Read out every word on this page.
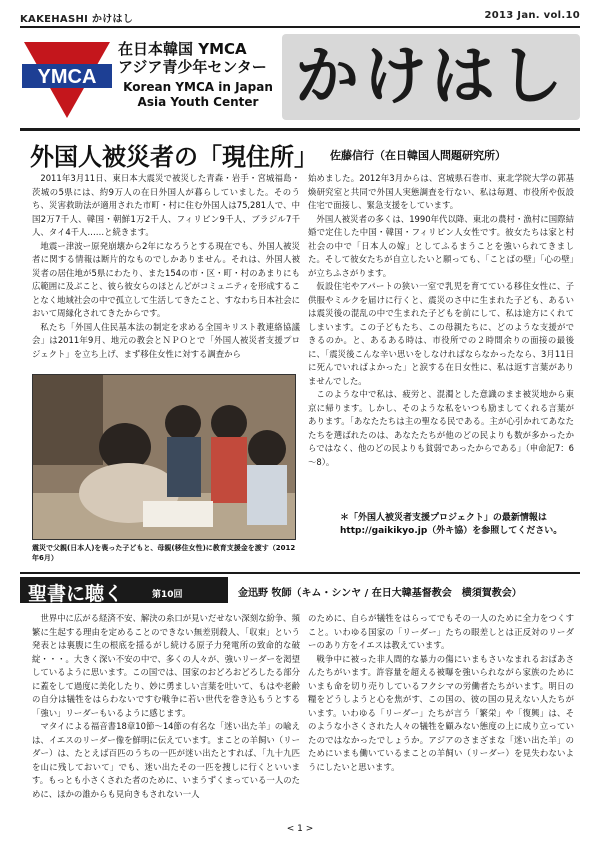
KAKEHASHI かけはし	2013 Jan. vol.10
YMCA
在日本韓国 YMCA
アジア青少年センター
Korean YMCA in Japan
Asia Youth Center かけはし
外国人被災者の「現住所」 佐藤信行（在日韓国人問題研究所）

2011年3月11日、東日本大震災で被災した青森・岩手・宮城福島・茨城の5県には、約9万人の在日外国人が暮らしていました。そのうち、災害救助法が適用された市町・村に住む外国人は75,281人で、中国2万7千人、韓国・朝鮮1万2千人、フィリピン9千人、ブラジル7千人、タイ4千人……と続きます。

地震ー津波ー原発崩壊から2年になろうとする現在でも、外国人被災者に関する情報は断片的なものでしかありません。それは、外国人被災者の居住地が5県にわたり、また154の市・区・町・村のあまりにも広範囲に及ぶこと、彼ら彼女らのほとんどがコミュニティを形成することなく地域社会の中で孤立して生活してきたこと、すなわち日本社会において周縁化されてきたからです。

私たち「外国人住民基本法の制定を求める全国キリスト教連絡協議会」は2011年9月、地元の教会とＮＰＯとで「外国人被災者支援プロジェクト」を立ち上げ、まず移住女性に対する調査から

始めました。2012年3月からは、宮城県石巻市、東北学院大学の郭基煥研究室と共同で外国人実態調査を行ない、私は毎週、市役所や仮設住宅で面接し、緊急支援をしています。

外国人被災者の多くは、1990年代以降、東北の農村・漁村に国際結婚で定住した中国・韓国・フィリピン人女性です。彼女たちは家と村社会の中で「日本人の嫁」としてふるまうことを強いられてきました。そして彼女たちが自立したいと願っても、「ことばの壁」「心の壁」が立ちふさがります。

仮設住宅やアパートの狭い一室で乳児を育てている移住女性に、子供服やミルクを届けに行くと、震災のさ中に生まれた子ども、あるいは震災後の混乱の中で生まれた子どもを前にして、私は途方にくれてしまいます。この子どもたち、この母親たちに、どのような支援ができるのか。と、あるある時は、市役所での２時間余りの面接の最後に、「震災後こんな辛い思いをしなければならなかったなら、3月11日に死んでいればよかった」と涙する在日女性に、私は返す言葉がありませんでした。

このような中で私は、疲労と、混濁とした意識のまま被災地から東京に帰ります。しかし、そのような私をいつも励ましてくれる言葉があります。「あなたたちは主の聖なる民である。主が心引かれてあなたたちを選ばれたのは、あなたたちが他のどの民よりも数が多かったからではなく、他のどの民よりも貧弱であったからである」（申命記7：6～8）。

震災で父親(日本人)を喪った子どもと、母親(移住女性)に教育支援金を渡す（2012年6月）
＊「外国人被災者支援プロジェクト」の最新情報は
http://gaikikyo.jp（外キ協）を参照してください。
聖書に聴く	第10回	金迅野 牧師（キム・シンヤ / 在日大韓基督教会　横須賀教会）

世界中に広がる経済不安、解決の糸口が見いだせない深刻な紛争、頻繁に生起する理由を定めることのできない無差別殺人、「収束」という発表とは裏腹に生の根底を揺るがし続ける原子力発電所の致命的な破綻・・・。大きく深い不安の中で、多くの人々が、強いリーダーを渇望しているように思います。この国では、国家のおどろおどろしたる部分に蓋をして過度に美化したり、妙に勇ましい言葉を吐いて、もはや老齢の自分は犠牲をはらわないですむ戦争に若い世代を巻き込もうとする「強い」リーダーもいるように感じます。

マタイによる福音書18章10節～14節の有名な「迷い出た羊」の喩えは、イエスのリーダー像を鮮明に伝えています。まことの羊飼い（リーダー）は、たとえば百匹のうちの一匹が迷い出たとすれば、「九十九匹を山に残しておいて」でも、迷い出たその一匹を捜しに行くといいます。もっとも小さくされた者のために、いまうずくまっている一人のために、ほかの誰からも見向きもされない一人

のために、自らが犠牲をはらってでもその一人のために全力をつくすこと。いわゆる国家の「リーダー」たちの眼差しとは正反対のリーダーのあり方をイエスは教えています。

戦争中に被った非人間的な暴力の傷にいまもさいなまれるおばあさんたちがいます。許容量を超える被曝を強いられながら家族のためにいまも命を切り売りしているフクシマの労働者たちがいます。明日の糧をどうしようと心を焦がす、この国の、彼の国の見えない人たちがいます。いわゆる「リーダー」たちが言う「繁栄」や「復興」は、そのような小さくされた人々の犠牲を顧みない態度の上に成り立っていたのではなかったでしょうか。アジアのさまざまな「迷い出た羊」のためにいまも働いているまことの羊飼い（リーダー）を見失わないようにしたいと思います。

< 1 >
